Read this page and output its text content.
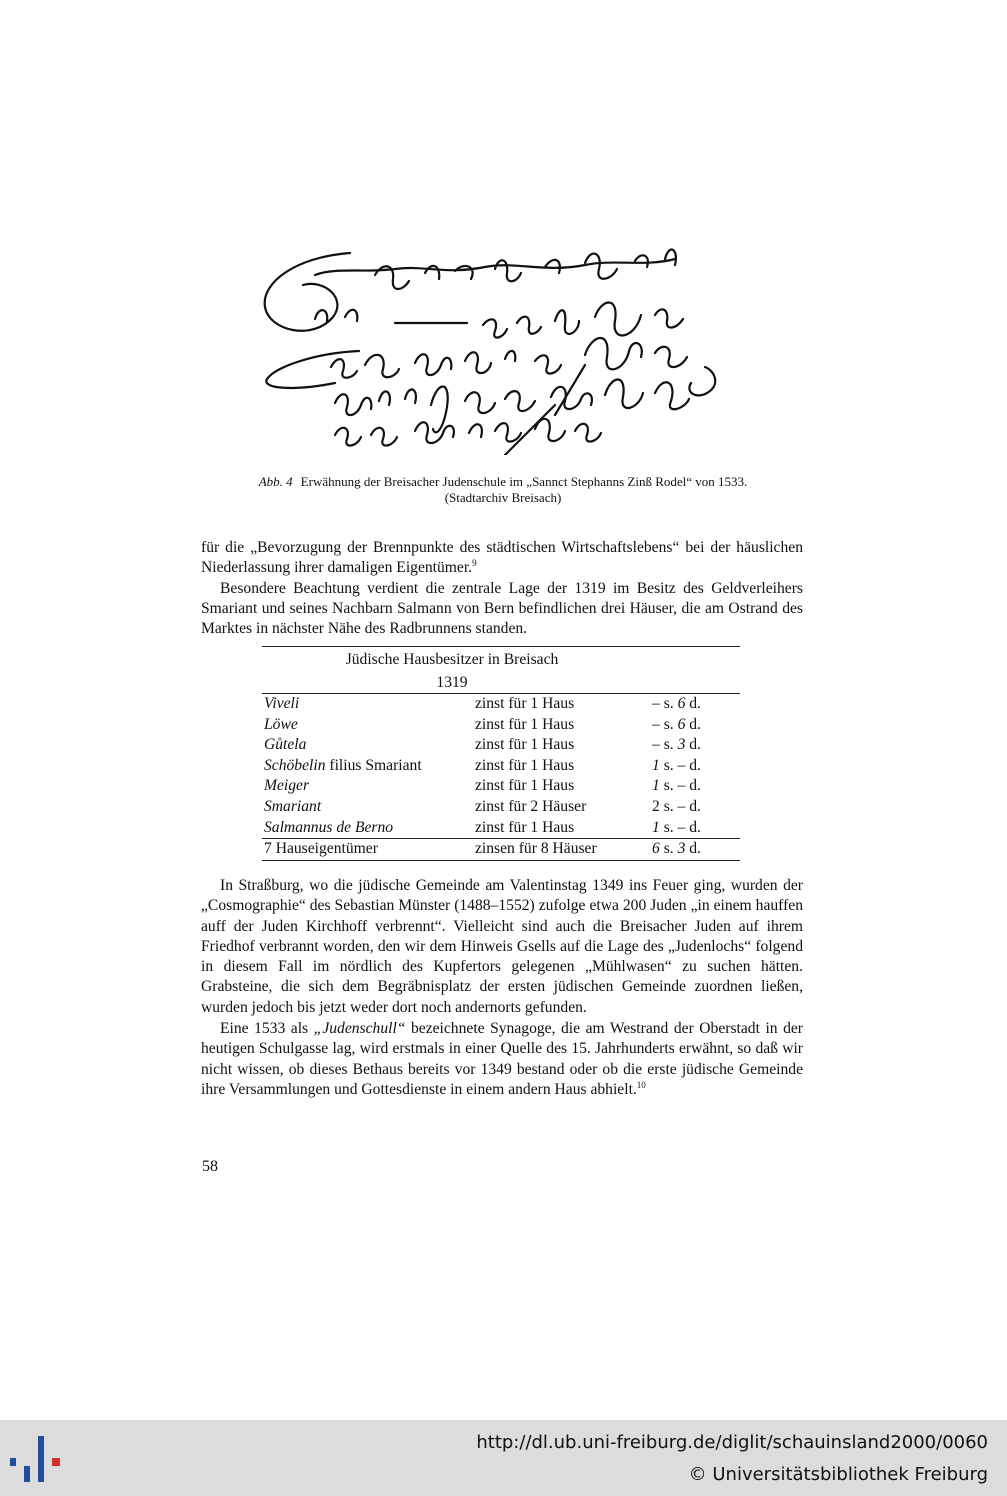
Abb. 4 Erwähnung der Breisacher Judenschule im „Sannct Stephanns Zinß Rodel“ von 1533.
(Stadtarchiv Breisach)

für die „Bevorzugung der Brennpunkte des städtischen Wirtschaftslebens“ bei der häuslichen Niederlassung ihrer damaligen Eigentümer.$^9$

Besondere Beachtung verdient die zentrale Lage der 1319 im Besitz des Geldverleihers Smariant und seines Nachbarn Salmann von Bern befindlichen drei Häuser, die am Ostrand des Marktes in nächster Nähe des Radbrunnens standen.

Jüdische Hausbesitzer in Breisach
1319
Viveli	zinst für 1 Haus	– s. 6 d.
Löwe	zinst für 1 Haus	– s. 6 d.
Gůtela	zinst für 1 Haus	– s. 3 d.
Schöbelin filius Smariant	zinst für 1 Haus	1 s. – d.
Meiger	zinst für 1 Haus	1 s. – d.
Smariant	zinst für 2 Häuser	2 s. – d.
Salmannus de Berno	zinst für 1 Haus	1 s. – d.
7 Hauseigentümer	zinsen für 8 Häuser	6 s. 3 d.

In Straßburg, wo die jüdische Gemeinde am Valentinstag 1349 ins Feuer ging, wurden der „Cosmographie“ des Sebastian Münster (1488–1552) zufolge etwa 200 Juden „in einem hauffen auff der Juden Kirchhoff verbrennt“. Vielleicht sind auch die Breisacher Juden auf ihrem Friedhof verbrannt worden, den wir dem Hinweis Gsells auf die Lage des „Judenlochs“ folgend in diesem Fall im nördlich des Kupfertors gelegenen „Mühlwasen“ zu suchen hätten. Grabsteine, die sich dem Begräbnisplatz der ersten jüdischen Gemeinde zuordnen ließen, wurden jedoch bis jetzt weder dort noch andernorts gefunden.

Eine 1533 als „Judenschull“ bezeichnete Synagoge, die am Westrand der Oberstadt in der heutigen Schulgasse lag, wird erstmals in einer Quelle des 15. Jahrhunderts erwähnt, so daß wir nicht wissen, ob dieses Bethaus bereits vor 1349 bestand oder ob die erste jüdische Gemeinde ihre Versammlungen und Gottesdienste in einem andern Haus abhielt.$^{10}$

58
http://dl.ub.uni-freiburg.de/diglit/schauinsland2000/0060
© Universitätsbibliothek Freiburg
